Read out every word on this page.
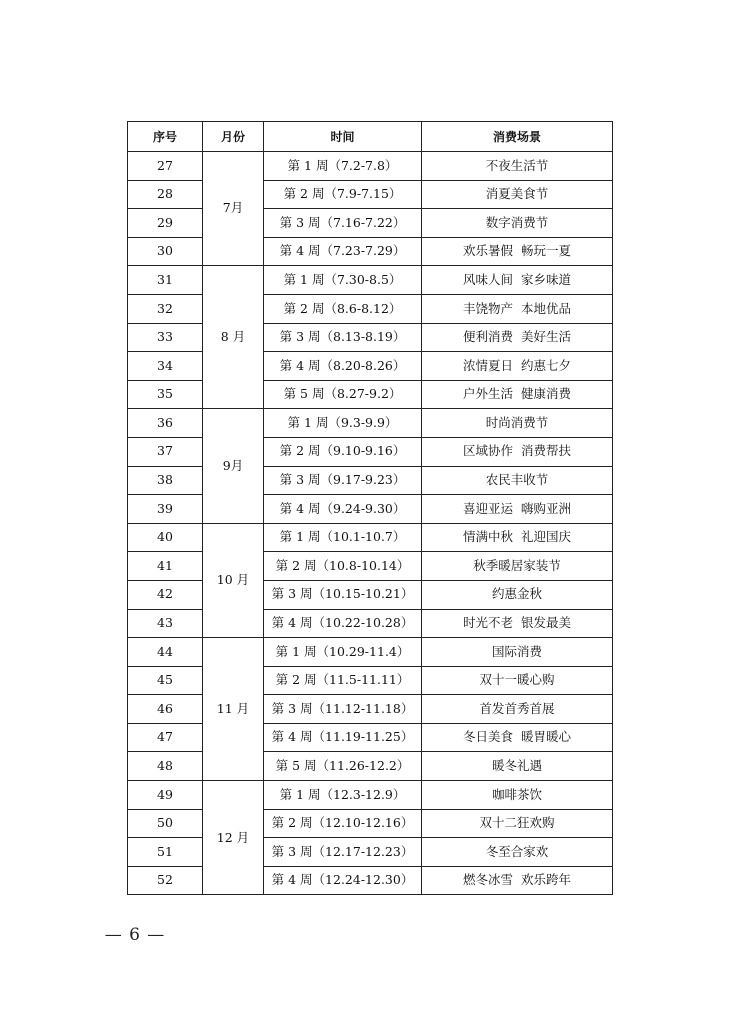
序号	月份	时间	消费场景
27	7月	第 1 周（7.2-7.8）	不夜生活节
28		第 2 周（7.9-7.15）	消夏美食节
29		第 3 周（7.16-7.22）	数字消费节
30		第 4 周（7.23-7.29）	欢乐暑假  畅玩一夏
31	8 月	第 1 周（7.30-8.5）	风味人间  家乡味道
32		第 2 周（8.6-8.12）	丰饶物产  本地优品
33		第 3 周（8.13-8.19）	便利消费  美好生活
34		第 4 周（8.20-8.26）	浓情夏日  约惠七夕
35		第 5 周（8.27-9.2）	户外生活  健康消费
36	9月	第 1 周（9.3-9.9）	时尚消费节
37		第 2 周（9.10-9.16）	区域协作  消费帮扶
38		第 3 周（9.17-9.23）	农民丰收节
39		第 4 周（9.24-9.30）	喜迎亚运  嗨购亚洲
40	10 月	第 1 周（10.1-10.7）	情满中秋  礼迎国庆
41		第 2 周（10.8-10.14）	秋季暖居家装节
42		第 3 周（10.15-10.21）	约惠金秋
43		第 4 周（10.22-10.28）	时光不老  银发最美
44	11 月	第 1 周（10.29-11.4）	国际消费
45		第 2 周（11.5-11.11）	双十一暖心购
46		第 3 周（11.12-11.18）	首发首秀首展
47		第 4 周（11.19-11.25）	冬日美食  暖胃暖心
48		第 5 周（11.26-12.2）	暖冬礼遇
49	12 月	第 1 周（12.3-12.9）	咖啡茶饮
50		第 2 周（12.10-12.16）	双十二狂欢购
51		第 3 周（12.17-12.23）	冬至合家欢
52		第 4 周（12.24-12.30）	燃冬冰雪  欢乐跨年
— 6 —
